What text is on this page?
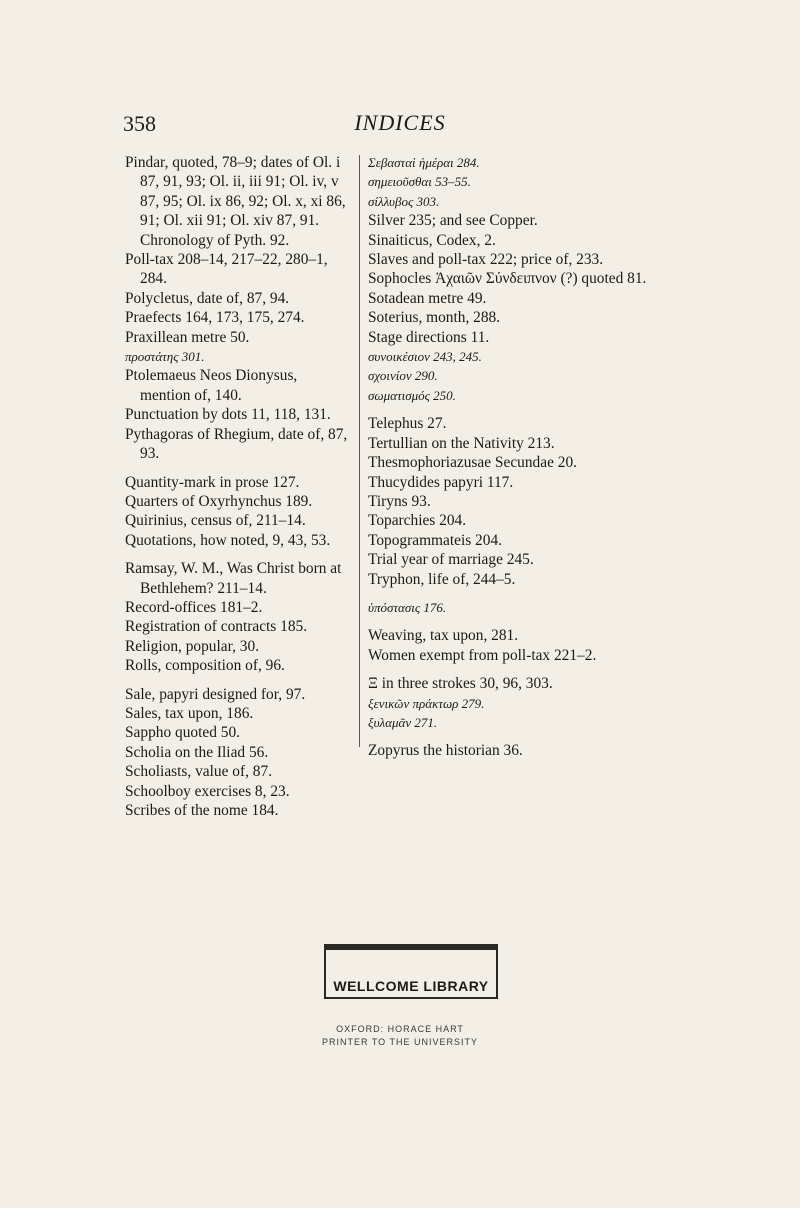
358	INDICES
Pindar, quoted, 78–9; dates of Ol. i 87, 91, 93; Ol. ii, iii 91; Ol. iv, v 87, 95; Ol. ix 86, 92; Ol. x, xi 86, 91; Ol. xii 91; Ol. xiv 87, 91. Chronology of Pyth. 92.
Poll-tax 208–14, 217–22, 280–1, 284.
Polycletus, date of, 87, 94.
Praefects 164, 173, 175, 274.
Praxillean metre 50.
προστάτης 301.
Ptolemaeus Neos Dionysus, mention of, 140.
Punctuation by dots 11, 118, 131.
Pythagoras of Rhegium, date of, 87, 93.
Quantity-mark in prose 127.
Quarters of Oxyrhynchus 189.
Quirinius, census of, 211–14.
Quotations, how noted, 9, 43, 53.
Ramsay, W. M., Was Christ born at Bethlehem? 211–14.
Record-offices 181–2.
Registration of contracts 185.
Religion, popular, 30.
Rolls, composition of, 96.
Sale, papyri designed for, 97.
Sales, tax upon, 186.
Sappho quoted 50.
Scholia on the Iliad 56.
Scholiasts, value of, 87.
Schoolboy exercises 8, 23.
Scribes of the nome 184.
Σεβασταὶ ἡμέραι 284.
σημειοῦσθαι 53–55.
σίλλυβος 303.
Silver 235; and see Copper.
Sinaiticus, Codex, 2.
Slaves and poll-tax 222; price of, 233.
Sophocles Ἀχαιῶν Σύνδειπνον (?) quoted 81.
Sotadean metre 49.
Soterius, month, 288.
Stage directions 11.
συνοικέσιον 243, 245.
σχοινίον 290.
σωματισμός 250.
Telephus 27.
Tertullian on the Nativity 213.
Thesmophoriazusae Secundae 20.
Thucydides papyri 117.
Tiryns 93.
Toparchies 204.
Topogrammateis 204.
Trial year of marriage 245.
Tryphon, life of, 244–5.
ὑπόστασις 176.
Weaving, tax upon, 281.
Women exempt from poll-tax 221–2.
Ξ in three strokes 30, 96, 303.
ξενικῶν πράκτωρ 279.
ξυλαμᾶν 271.
Zopyrus the historian 36.
WELLCOME LIBRARY
OXFORD: HORACE HART
PRINTER TO THE UNIVERSITY
